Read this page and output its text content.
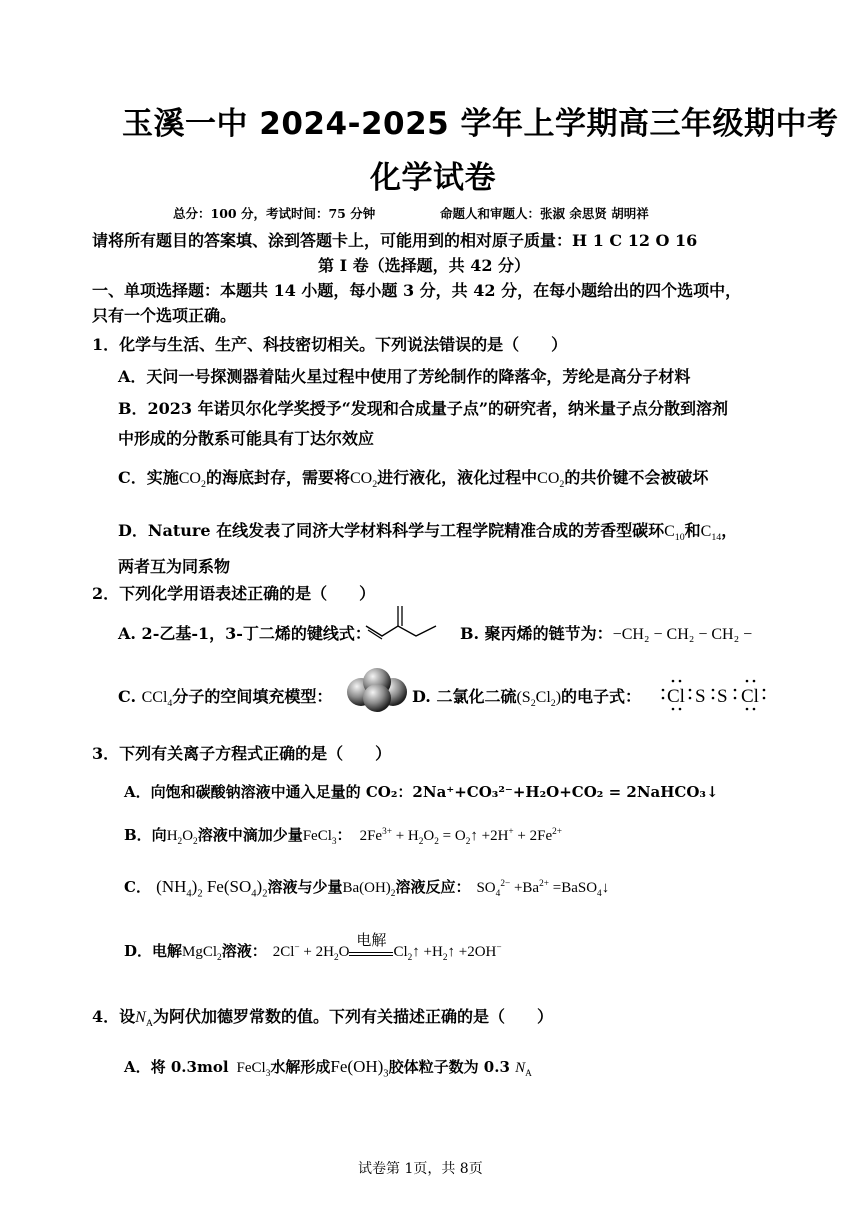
玉溪一中 2024-2025 学年上学期高三年级期中考
化学试卷
总分：100 分，考试时间：75 分钟	命题人和审题人：张淑 余思贤 胡明祥
请将所有题目的答案填、涂到答题卡上，可能用到的相对原子质量：H 1 C 12 O 16
第 I 卷（选择题，共 42 分）
一、单项选择题：本题共 14 小题，每小题 3 分，共 42 分，在每小题给出的四个选项中，
只有一个选项正确。
1．化学与生活、生产、科技密切相关。下列说法错误的是（　　）
A．天问一号探测器着陆火星过程中使用了芳纶制作的降落伞，芳纶是高分子材料
B．2023 年诺贝尔化学奖授予“发现和合成量子点”的研究者，纳米量子点分散到溶剂
中形成的分散系可能具有丁达尔效应
C．实施$CO_2$的海底封存，需要将$CO_2$进行液化，液化过程中$CO_2$的共价键不会被破坏
D．Nature 在线发表了同济大学材料科学与工程学院精准合成的芳香型碳环$C_{10}$和$C_{14}$，
两者互为同系物
2．下列化学用语表述正确的是（　　）
A. 2-乙基-1，3-丁二烯的键线式：	B. 聚丙烯的链节为：−CH₂ − CH₂ − CH₂ −
C. CCl$_4$分子的空间填充模型：	D. 二氯化二硫$(S_2Cl_2)$的电子式： Cl S S Cl
3．下列有关离子方程式正确的是（　　）
A．向饱和碳酸钠溶液中通入足量的 CO₂：2Na⁺+CO₃²⁻+H₂O+CO₂ = 2NaHCO₃↓
B．向$H_2O_2$溶液中滴加少量FeCl$_3$： $2Fe^{3+} + H_2O_2$ = $O_2↑ +2H^+ + 2Fe^{2+}$
C． $(NH_4)_2$ $Fe(SO_4)_2$溶液与少量$Ba(OH)_2$溶液反应： $SO_4^{2-} +Ba^{2+}$ =BaSO$_4$↓
D．电解MgCl$_2$溶液： $2Cl^- + 2H_2O$
电解
$Cl_2↑$ $+H_2↑ +2OH^-$
4．设$N_A$为阿伏加德罗常数的值。下列有关描述正确的是（　　）
A．将 0.3mol FeCl$_3$水解形成$Fe(OH)_3$胶体粒子数为 0.3 $N_A$
试卷第 1页，共 8页
